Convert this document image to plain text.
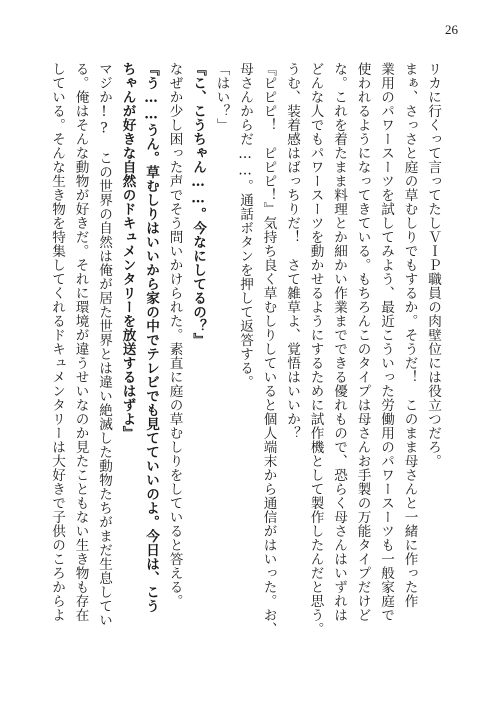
26
リカに行くって言ってたしＶＩＰ職員の肉壁位には役立つだろ。
まぁ、さっさと庭の草むしりでもするか。そうだ！　このまま母さんと一緒に作った作
業用のパワースーツを試してみよう、最近こういった労働用のパワースーツも一般家庭で
使われるようになってきている。もちろんこのタイプは母さんお手製の万能タイプだけど
な。これを着たまま料理とか細かい作業までできる優れもので、恐らく母さんはいずれは
どんな人でもパワースーツを動かせるようにするために試作機として製作したんだと思う。
うむ、装着感はばっちりだ！　さて雑草よ、覚悟はいいか？
『ピピピ！　ピピピ！』気持ち良く草むしりしていると個人端末から通信がはいった。お、
母さんからだ……。通話ボタンを押して返答する。
「はい？」
『こ、こうちゃん……。今なにしてるの？』
なぜか少し困った声でそう問いかけられた。素直に庭の草むしりをしていると答える。
『う……うん。草むしりはいいから家の中でテレビでも見てていいのよ。今日は、こう
ちゃんが好きな自然のドキュメンタリーを放送するはずよ』
マジか!?　この世界の自然は俺が居た世界とは違い絶滅した動物たちがまだ生息してい
る。俺はそんな動物が好きだ。それに環境が違うせいなのか見たこともない生き物も存在
している。そんな生き物を特集してくれるドキュメンタリーは大好きで子供のころからよ
